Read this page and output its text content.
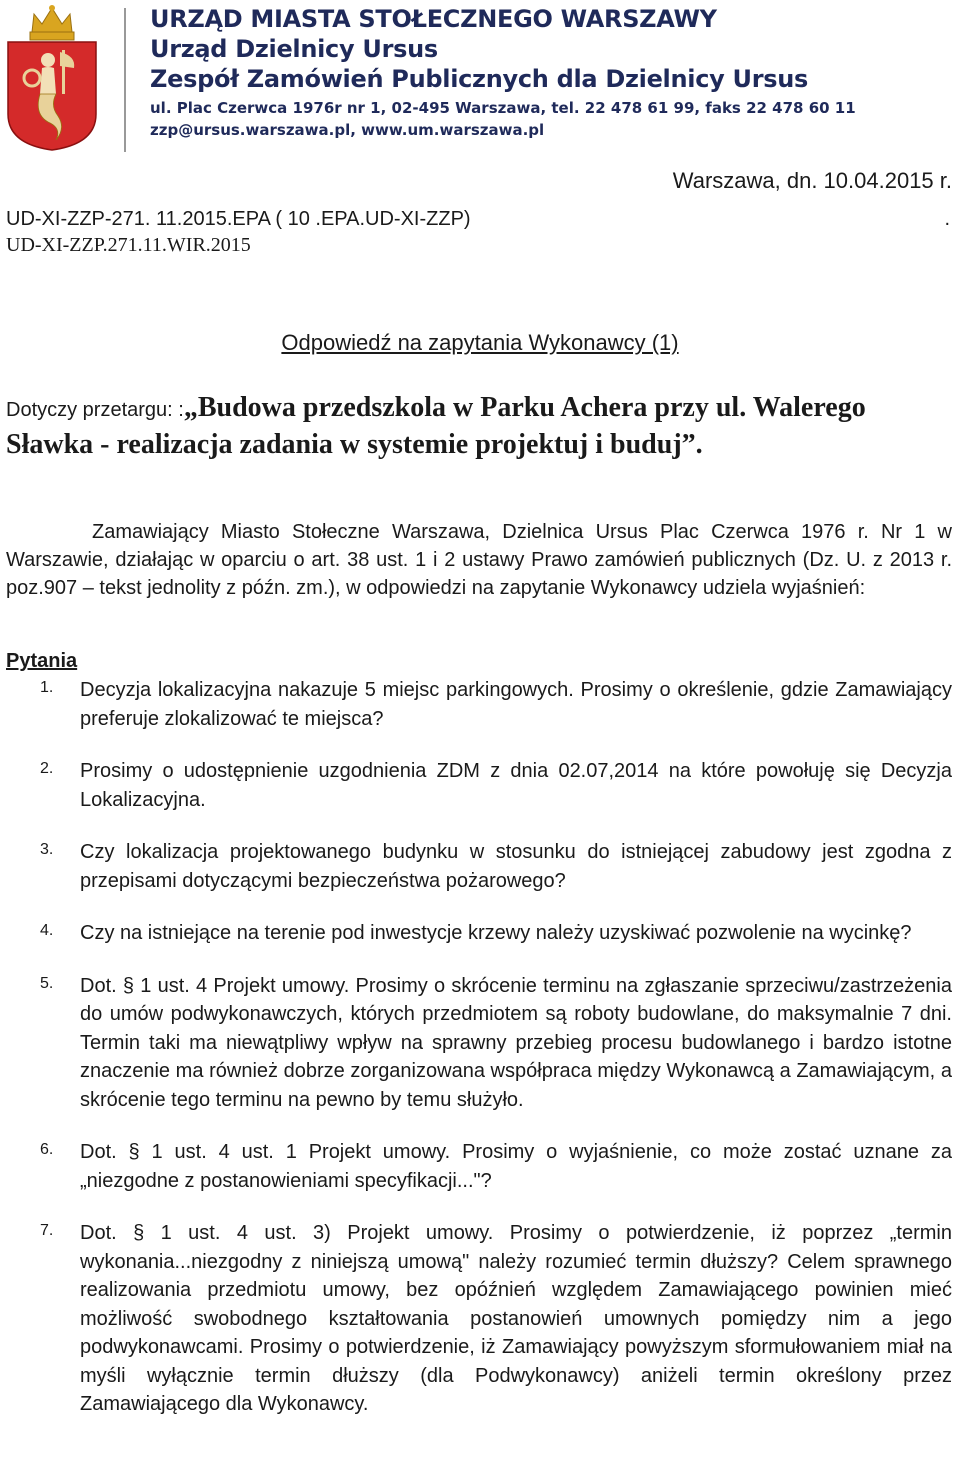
URZĄD MIASTA STOŁECZNEGO WARSZAWY
Urząd Dzielnicy Ursus
Zespół Zamówień Publicznych dla Dzielnicy Ursus
ul. Plac Czerwca 1976r nr 1, 02-495 Warszawa, tel. 22 478 61 99, faks 22 478 60 11
zzp@ursus.warszawa.pl, www.um.warszawa.pl
Warszawa, dn. 10.04.2015 r.
UD-XI-ZZP-271. 11.2015.EPA ( 10 .EPA.UD-XI-ZZP)	.
UD-XI-ZZP.271.11.WIR.2015
Odpowiedź na zapytania Wykonawcy (1)
Dotyczy przetargu: :„Budowa przedszkola w Parku Achera przy ul. Walerego Sławka - realizacja zadania w systemie projektuj i buduj”.
Zamawiający Miasto Stołeczne Warszawa, Dzielnica Ursus Plac Czerwca 1976 r. Nr 1 w Warszawie, działając w oparciu o art. 38 ust. 1 i 2 ustawy Prawo zamówień publicznych (Dz. U. z 2013 r. poz.907 – tekst jednolity z późn. zm.), w odpowiedzi na zapytanie Wykonawcy udziela wyjaśnień:
Pytania
1. Decyzja lokalizacyjna nakazuje 5 miejsc parkingowych. Prosimy o określenie, gdzie Zamawiający preferuje zlokalizować te miejsca?
2. Prosimy o udostępnienie uzgodnienia ZDM z dnia 02.07,2014 na które powołuję się Decyzja Lokalizacyjna.
3. Czy lokalizacja projektowanego budynku w stosunku do istniejącej zabudowy jest zgodna z przepisami dotyczącymi bezpieczeństwa pożarowego?
4. Czy na istniejące na terenie pod inwestycje krzewy należy uzyskiwać pozwolenie na wycinkę?
5. Dot. § 1 ust. 4 Projekt umowy. Prosimy o skrócenie terminu na zgłaszanie sprzeciwu/zastrzeżenia do umów podwykonawczych, których przedmiotem są roboty budowlane, do maksymalnie 7 dni. Termin taki ma niewątpliwy wpływ na sprawny przebieg procesu budowlanego i bardzo istotne znaczenie ma również dobrze zorganizowana współpraca między Wykonawcą a Zamawiającym, a skrócenie tego terminu na pewno by temu służyło.
6. Dot. § 1 ust. 4 ust. 1 Projekt umowy. Prosimy o wyjaśnienie, co może zostać uznane za „niezgodne z postanowieniami specyfikacji..."?
7. Dot. § 1 ust. 4 ust. 3) Projekt umowy. Prosimy o potwierdzenie, iż poprzez „termin wykonania...niezgodny z niniejszą umową" należy rozumieć termin dłuższy? Celem sprawnego realizowania przedmiotu umowy, bez opóźnień względem Zamawiającego powinien mieć możliwość swobodnego kształtowania postanowień umownych pomiędzy nim a jego podwykonawcami. Prosimy o potwierdzenie, iż Zamawiający powyższym sformułowaniem miał na myśli wyłącznie termin dłuższy (dla Podwykonawcy) aniżeli termin określony przez Zamawiającego dla Wykonawcy.
